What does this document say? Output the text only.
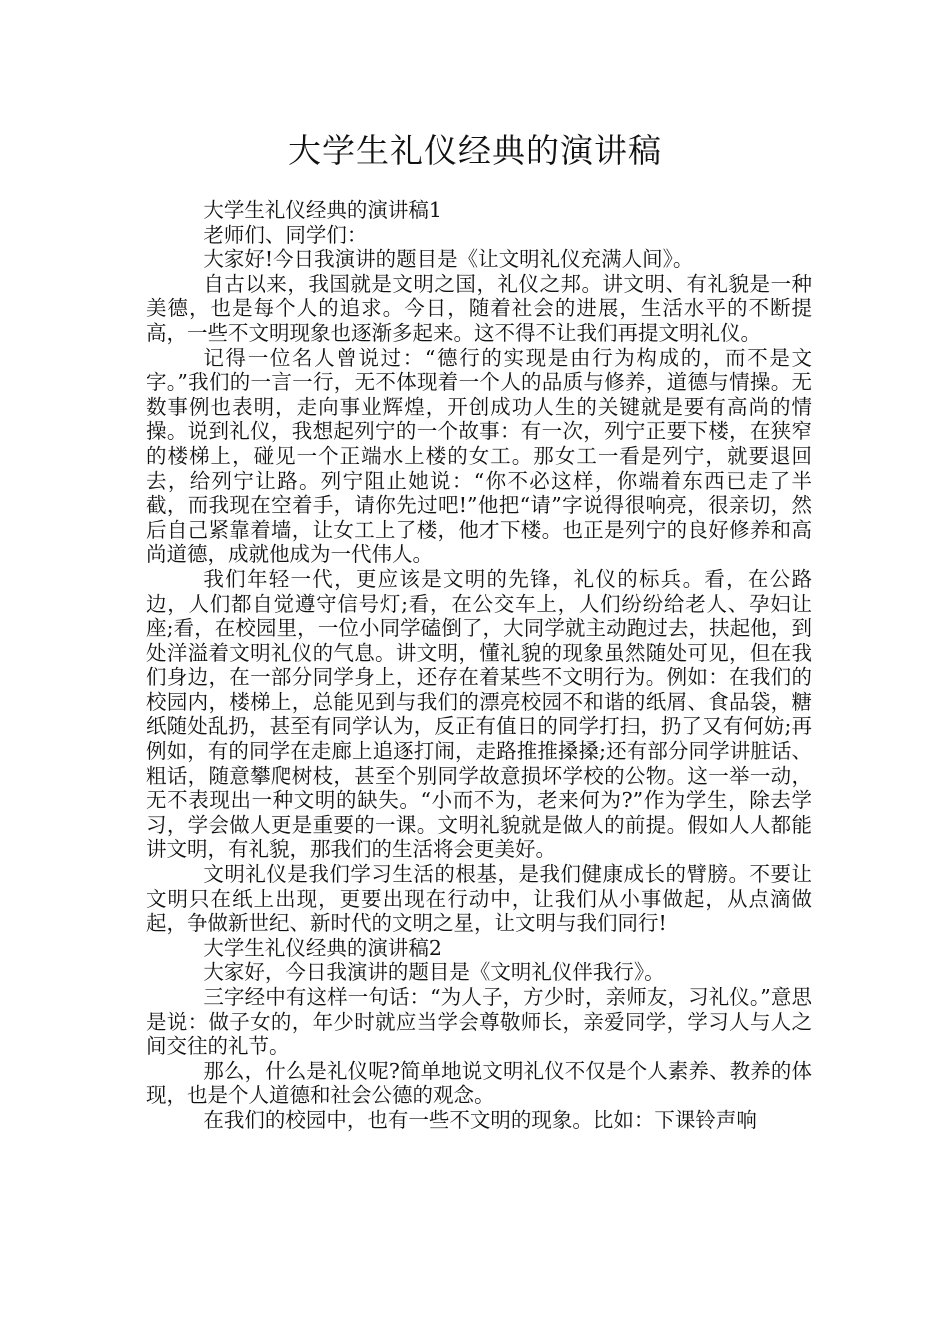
大学生礼仪经典的演讲稿

大学生礼仪经典的演讲稿1

老师们、同学们：

大家好!今日我演讲的题目是《让文明礼仪充满人间》。

自古以来，我国就是文明之国，礼仪之邦。讲文明、有礼貌是一种美德，也是每个人的追求。今日，随着社会的进展，生活水平的不断提高，一些不文明现象也逐渐多起来。这不得不让我们再提文明礼仪。

记得一位名人曾说过：“德行的实现是由行为构成的，而不是文字。”我们的一言一行，无不体现着一个人的品质与修养，道德与情操。无数事例也表明，走向事业辉煌，开创成功人生的关键就是要有高尚的情操。说到礼仪，我想起列宁的一个故事：有一次，列宁正要下楼，在狭窄的楼梯上，碰见一个正端水上楼的女工。那女工一看是列宁，就要退回去，给列宁让路。列宁阻止她说：“你不必这样，你端着东西已走了半截，而我现在空着手，请你先过吧!”他把“请”字说得很响亮，很亲切，然后自己紧靠着墙，让女工上了楼，他才下楼。也正是列宁的良好修养和高尚道德，成就他成为一代伟人。

我们年轻一代，更应该是文明的先锋，礼仪的标兵。看，在公路边，人们都自觉遵守信号灯;看，在公交车上，人们纷纷给老人、孕妇让座;看，在校园里，一位小同学磕倒了，大同学就主动跑过去，扶起他，到处洋溢着文明礼仪的气息。讲文明，懂礼貌的现象虽然随处可见，但在我们身边，在一部分同学身上，还存在着某些不文明行为。例如：在我们的校园内，楼梯上，总能见到与我们的漂亮校园不和谐的纸屑、食品袋，糖纸随处乱扔，甚至有同学认为，反正有值日的同学打扫，扔了又有何妨;再例如，有的同学在走廊上追逐打闹，走路推推搡搡;还有部分同学讲脏话、粗话，随意攀爬树枝，甚至个别同学故意损坏学校的公物。这一举一动，无不表现出一种文明的缺失。“小而不为，老来何为?”作为学生，除去学习，学会做人更是重要的一课。文明礼貌就是做人的前提。假如人人都能讲文明，有礼貌，那我们的生活将会更美好。

文明礼仪是我们学习生活的根基，是我们健康成长的臂膀。不要让文明只在纸上出现，更要出现在行动中，让我们从小事做起，从点滴做起，争做新世纪、新时代的文明之星，让文明与我们同行!

大学生礼仪经典的演讲稿2

大家好，今日我演讲的题目是《文明礼仪伴我行》。

三字经中有这样一句话：“为人子，方少时，亲师友，习礼仪。”意思是说：做子女的，年少时就应当学会尊敬师长，亲爱同学，学习人与人之间交往的礼节。

那么，什么是礼仪呢?简单地说文明礼仪不仅是个人素养、教养的体现，也是个人道德和社会公德的观念。

在我们的校园中，也有一些不文明的现象。比如：下课铃声响
